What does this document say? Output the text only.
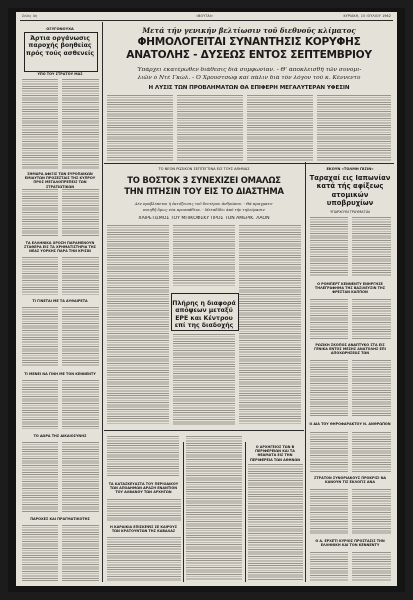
Σελίς 4η	«ΒΟΥΤΑΙ»	ΚΥΡΙΑΚΗ, 15 ΙΟΥΛΙΟΥ 1962
ΟΞΥΓΟΝΟΥΧΑ
Άρτια οργάνωσις παροχής βοηθείας πρός τούς ασθενείς
ΥΠΟ ΤΟΥ ΣΤΡΑΤΟΥ ΜΑΣ
ΣΗΜΑΡΑ ΑΦΙΞΙΣ ΤΩΝ ΕΥΡΟΠΑΙΚΩΝ ΕΜΙΑΥΤΩΝ ΠΡΟΣΕΣΤΑΙΣ ΤΗΣ ΚΥΠΡΟΥ ΠΡΟΣ ΜΕΓΑΛΟΠΡΕΠΕΙΣ ΤΩΝ ΣΤΡΑΤΙΩΤΙΚΩΝ
ΤΑ ΕΛΛΗΝΙΚΑ ΧΡΟΣΗ ΠΑΡΑΜΕΝΟΥΝ ΣΤΑΘΕΡΑ ΕΙΣ ΤΑ ΧΡΗΜΑΤΙΣΤΗΡΙΑ ΤΗΣ ΝΕΑΣ ΥΟΡΚΗΣ ΠΑΡΑ ΤΗΝ ΚΡΙΣΙΝ
ΤΙ ΓΙΝΕΤΑΙ ΜΕ ΤΑ ΑΥΘΑΙΡΕΤΑ
ΤΙ ΜΕΝΕΙ ΝΑ ΓΙΝΗ ΜΕ ΤΟΝ ΚΕΝΝΕΝΤΥ
ΤΟ ΔΩΡΑ ΤΗΣ ΔΙΚΑΙΟΣΥΝΗΣ
ΠΑΡΟΧΕΣ ΚΑΙ ΠΡΑΓΜΑΤΙΚΟΤΗΣ
Μετά τήν γενικήν βελτίωσιν τοῦ διεθνοῦς κλίματος
ΦΗΜΟΛΟΓΕΙΤΑΙ ΣΥΝΑΝΤΗΣΙΣ ΚΟΡΥΦΗΣ
ΑΝΑΤΟΛΗΣ - ΔΥΣΕΩΣ ΕΝΤΟΣ ΣΕΠΤΕΜΒΡΙΟΥ
Ὑπάρχει ἑκατέρωθεν διάθεσις διά συμφωνίαν. - Θ' ἀποκλεισθῆ τῶν συνομι-
λιῶν ὁ Ντέ Γκώλ. - Ὁ Χρουστσώφ καί πάλιν διά τόν λόγον τοῦ κ. Κέννεντυ
Η ΛΥΣΙΣ ΤΩΝ ΠΡΟΒΛΗΜΑΤΩΝ ΘΑ ΕΠΙΦΕΡΗ ΜΕΓΑΛΥΤΕΡΑΝ ΥΦΕΣΙΝ
ΤΟ ΝΕΟΝ ΡΩΣΙΚΟΝ ΣΕΠΤΕΓΤΙΝΑ ΕΙΣ ΤΟΥΣ ΑΘΗΝΑΣ
ΤΟ ΒΟΣΤΟΚ 3 ΣΥΝΕΧΙΖΕΙ ΟΜΑΛΩΣ
ΤΗΝ ΠΤΗΣΙΝ ΤΟΥ ΕΙΣ ΤΟ ΔΙΑΣΤΗΜΑ
Δέν προβλέπεται ἡ ἐκτόξευσις τοῦ δευτέρου ἀνθρώπου. - Θά πραγματο-
ποιηθῆ ὅμως νέα προσπάθεια. - Μεταδίδει ἀπό τήν τηλεόρασιν
ΧΑΙΡΕΤΙΣΜΟΣ ΤΟΥ ΜΠΙΚΟΦΣΚΥ ΠΡΟΣ ΤΟΝ ΑΜΕΡΙΚ. ΛΑΟΝ
Πλήρης η διαφορά απόψεων μεταξύ
ΕΡΕ και Κέντρου επί της διαδοχής
ΕΚΟΥΝ «ΤΟΛΜΗ ΠΙΣΙΝ»
Ταραχαί εις Ιαπωνίαν κατά τής αφίξεως ατομικών υποβρυχίων
ΥΠΑΡΧΟΥΝ ΤΡΑΥΜΑΤΙΑΙ
Ο ΡΟΜΠΕΡΤ ΚΕΝΝΕΝΤΥ ΕΝΗΡΓΗΣΕ ΤΗΛΕΓΡΑΦΗΜΑ ΤΗΣ ΒΑΣΙΛΕΥΣΙΝ ΤΗΣ ΦΡΕΣΤΑΝ ΚΑΠΠΟΝ
ΡΩΣΙΚΗ ΣΚΟΠΟΣ ΑΝΑΠΤΥΚΟ ΣΤΑ ΕΙΣ ΓΕΝΙΚΑ ΕΝΤΟΣ ΜΕΣΗΣ ΑΝΑΤΟΛΗΣ ΕΠΙ ΑΠΟΧΩΡΗΣΕΩΣ ΤΩΝ
Ο ΔΙΑ ΤΟΥ ΘΗΡΟΦΑΡΑΚΤΟΥ Ν. ΑΝΘΡΩΠΟΝ
ΣΤΡΑΤΟΝ ΣΥΝΟΡΙΑΚΟΥΣ ΠΡΟΚΡΙΣΙ ΝΑ ΚΑΝΟΥΝ ΤΙΣ ΕΚΛΟΓΙΣ ΑΝΑ
Ο Α. ΕΡΧΕΤΙ ΚΥΡΙΟΣ ΠΡΟΣΤΑΣΙΣ ΤΗΝ ΕΛΛΗΝΙΚΗ ΚΑΙ ΤΟΝ ΚΕΝΝΕΝΤΥ
ΤΑ ΚΑΤΑΣΚΕΥΑΣΤΑ ΤΟΥ ΠΕΡΙΟΔΙΚΟΥ ΤΩΝ ΑΠΟΔΗΜΩΝ ΔΡΑΣΗ ΕΝΑΝΤΙΟΝ ΤΟΥ ΑΛΒΑΝΟΥ ΤΩΝ ΑΡΧΗΓΩΝ
Η ΚΑΡΑΙΚΙΑ ΕΠΙΣΚΕΨΙΣ ΣΕ ΚΑΙΡΟΥΣ ΤΩΝ ΚΡΑΤΟΥΝΤΩΝ ΤΗΣ ΚΑΒΑΛΑΣ
Ο ΑΡΧΗΓΕΙΟΣ ΤΩΝ Β ΠΕΡΙΦΕΡΕΙΩΝ ΚΑΙ ΤΑ ΘΕΑΜΑΤΑ ΕΙΣ ΤΗΝ ΠΕΡΙΦΕΡΕΙΑ ΤΩΝ ΑΘΗΝΩΝ
